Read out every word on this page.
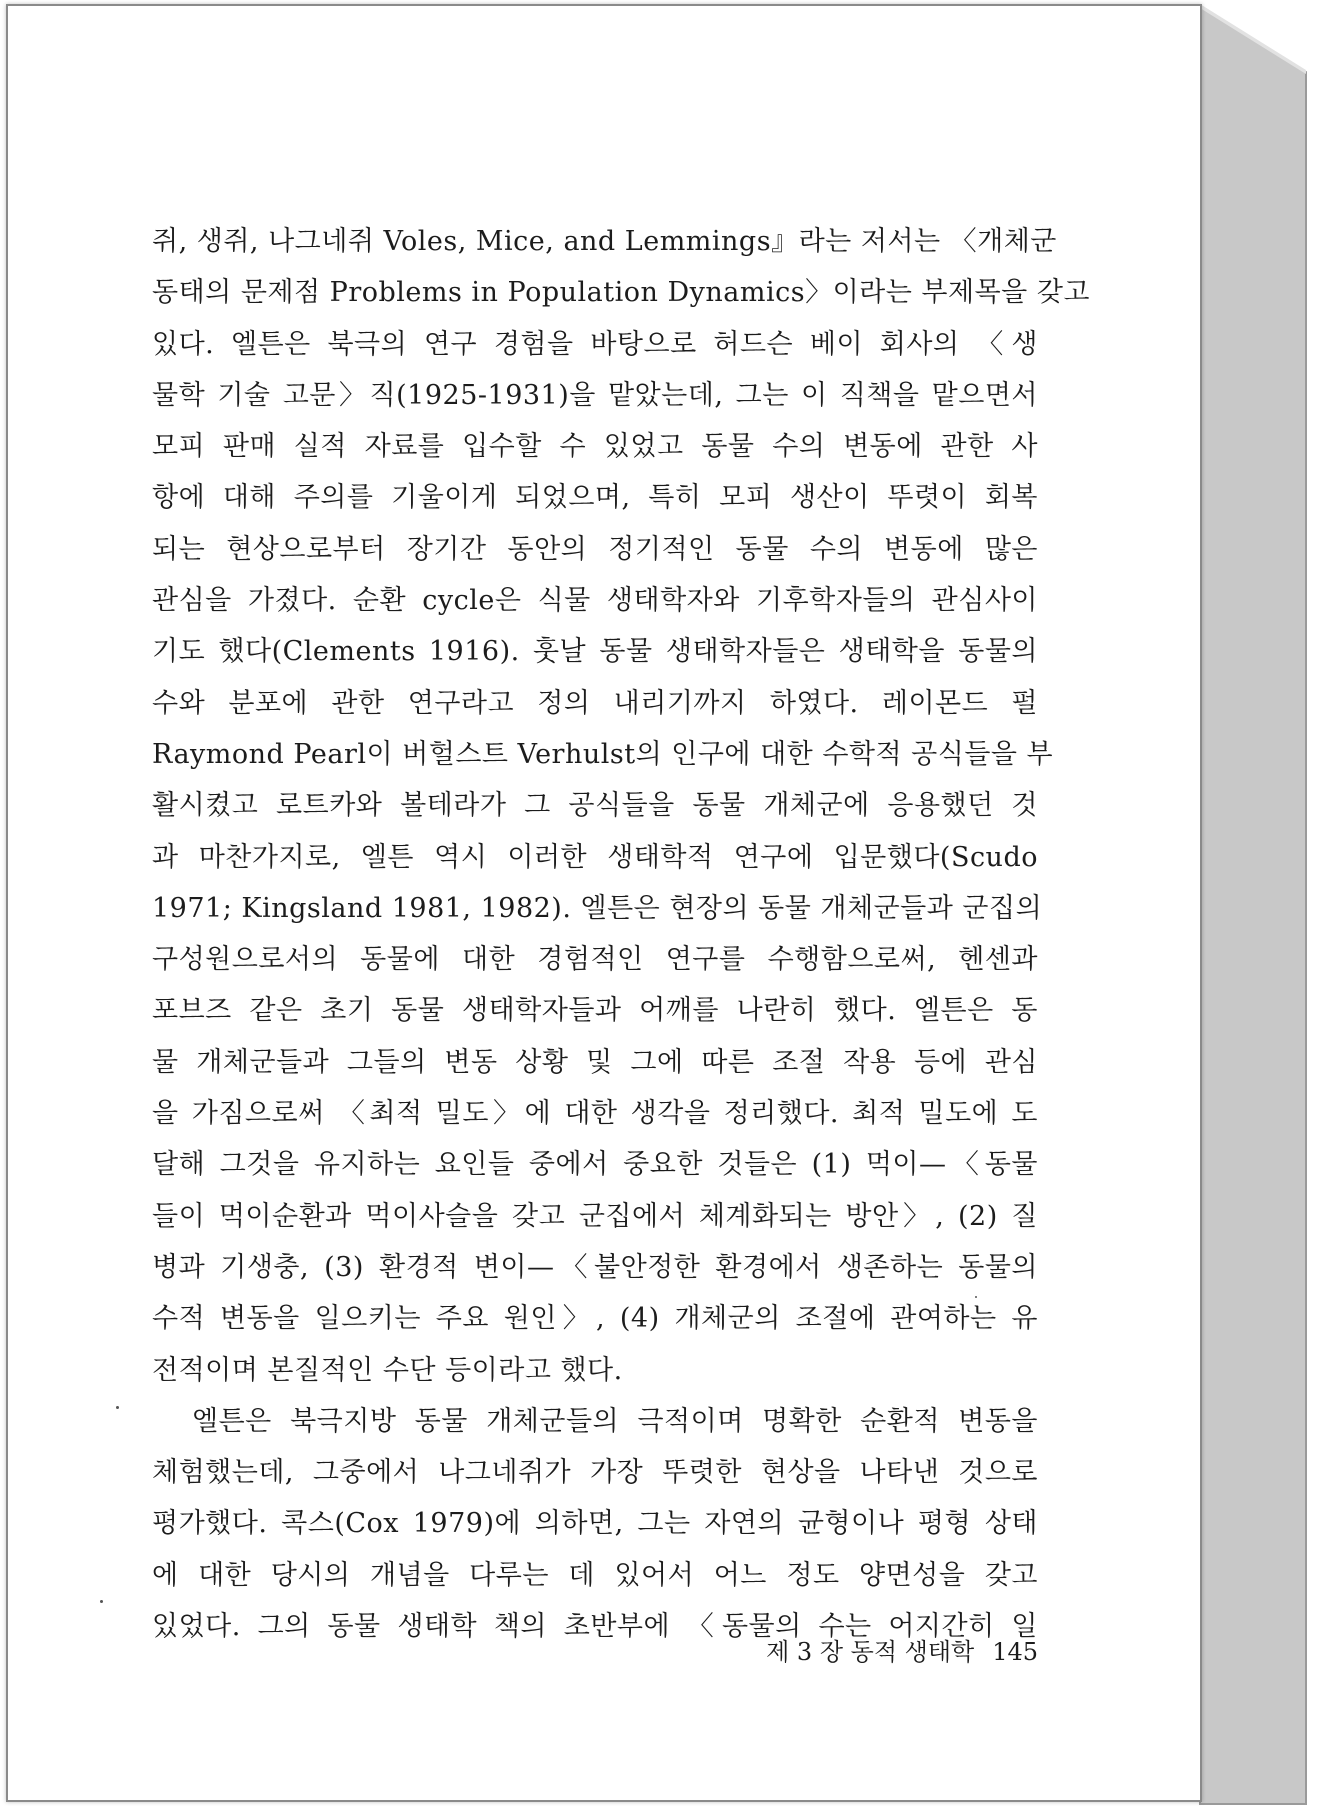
쥐, 생쥐, 나그네쥐 Voles, Mice, and Lemmings』라는 저서는 〈개체군
동태의 문제점 Problems in Population Dynamics〉이라는 부제목을 갖고
있다. 엘튼은 북극의 연구 경험을 바탕으로 허드슨 베이 회사의 〈생
물학 기술 고문〉직(1925-1931)을 맡았는데, 그는 이 직책을 맡으면서
모피 판매 실적 자료를 입수할 수 있었고 동물 수의 변동에 관한 사
항에 대해 주의를 기울이게 되었으며, 특히 모피 생산이 뚜렷이 회복
되는 현상으로부터 장기간 동안의 정기적인 동물 수의 변동에 많은
관심을 가졌다. 순환 cycle은 식물 생태학자와 기후학자들의 관심사이
기도 했다(Clements 1916). 훗날 동물 생태학자들은 생태학을 동물의
수와 분포에 관한 연구라고 정의 내리기까지 하였다. 레이몬드 펄
Raymond Pearl이 버헐스트 Verhulst의 인구에 대한 수학적 공식들을 부
활시켰고 로트카와 볼테라가 그 공식들을 동물 개체군에 응용했던 것
과 마찬가지로, 엘튼 역시 이러한 생태학적 연구에 입문했다(Scudo
1971; Kingsland 1981, 1982). 엘튼은 현장의 동물 개체군들과 군집의
구성원으로서의 동물에 대한 경험적인 연구를 수행함으로써, 헨센과
포브즈 같은 초기 동물 생태학자들과 어깨를 나란히 했다. 엘튼은 동
물 개체군들과 그들의 변동 상황 및 그에 따른 조절 작용 등에 관심
을 가짐으로써 〈최적 밀도〉에 대한 생각을 정리했다. 최적 밀도에 도
달해 그것을 유지하는 요인들 중에서 중요한 것들은 (1) 먹이—〈동물
들이 먹이순환과 먹이사슬을 갖고 군집에서 체계화되는 방안〉, (2) 질
병과 기생충, (3) 환경적 변이—〈불안정한 환경에서 생존하는 동물의
수적 변동을 일으키는 주요 원인〉, (4) 개체군의 조절에 관여하는 유
전적이며 본질적인 수단 등이라고 했다.
엘튼은 북극지방 동물 개체군들의 극적이며 명확한 순환적 변동을
체험했는데, 그중에서 나그네쥐가 가장 뚜렷한 현상을 나타낸 것으로
평가했다. 콕스(Cox 1979)에 의하면, 그는 자연의 균형이나 평형 상태
에 대한 당시의 개념을 다루는 데 있어서 어느 정도 양면성을 갖고
있었다. 그의 동물 생태학 책의 초반부에 〈동물의 수는 어지간히 일
제 3 장 동적 생태학 145
